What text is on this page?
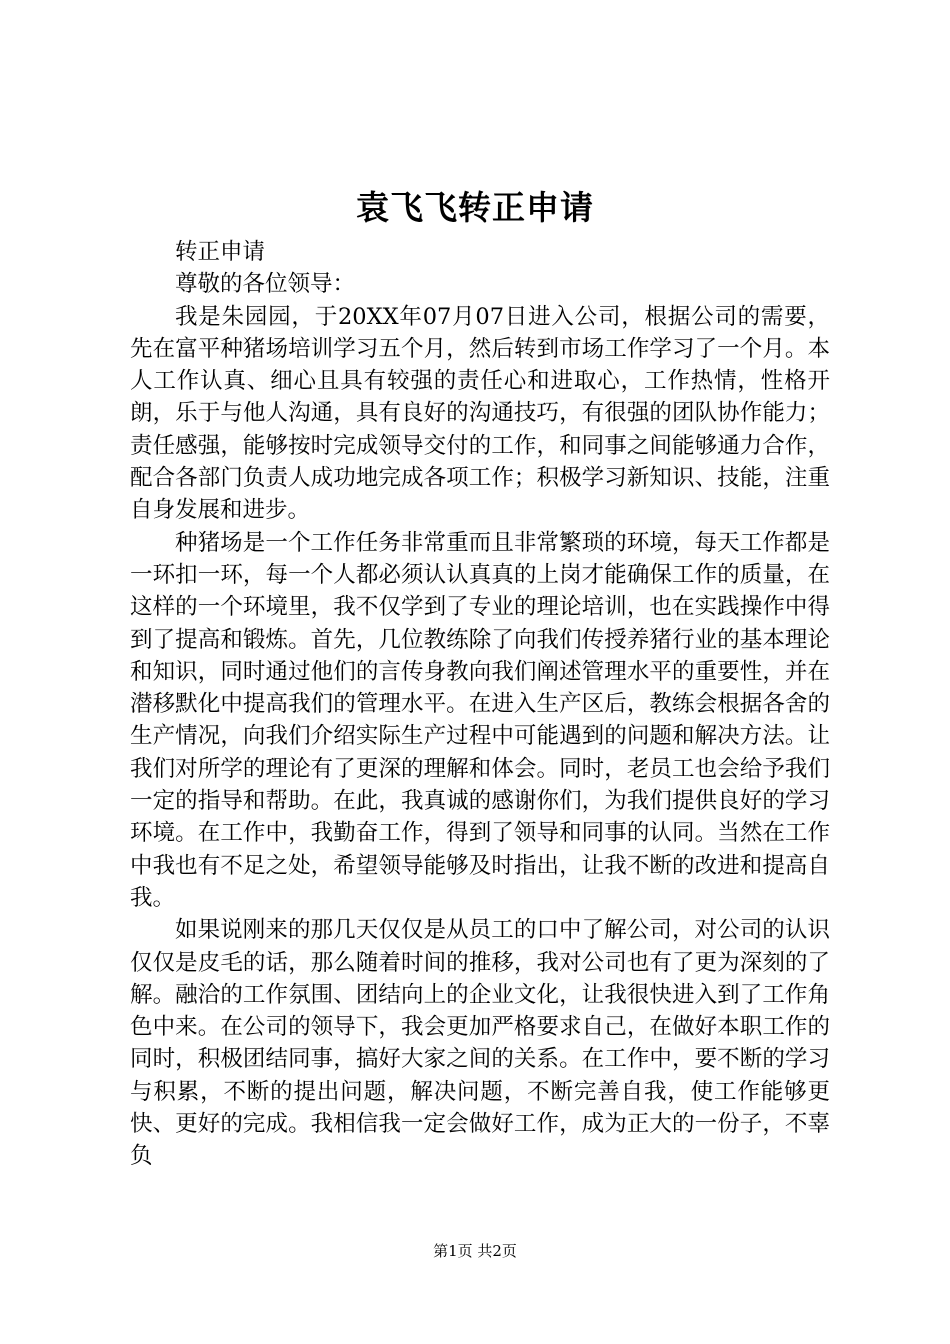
袁飞飞转正申请

转正申请

尊敬的各位领导：

我是朱园园，于20XX年07月07日进入公司，根据公司的需要，先在富平种猪场培训学习五个月，然后转到市场工作学习了一个月。本人工作认真、细心且具有较强的责任心和进取心，工作热情，性格开朗，乐于与他人沟通，具有良好的沟通技巧，有很强的团队协作能力；责任感强，能够按时完成领导交付的工作，和同事之间能够通力合作，配合各部门负责人成功地完成各项工作；积极学习新知识、技能，注重自身发展和进步。

种猪场是一个工作任务非常重而且非常繁琐的环境，每天工作都是一环扣一环，每一个人都必须认认真真的上岗才能确保工作的质量，在这样的一个环境里，我不仅学到了专业的理论培训，也在实践操作中得到了提高和锻炼。首先，几位教练除了向我们传授养猪行业的基本理论和知识，同时通过他们的言传身教向我们阐述管理水平的重要性，并在潜移默化中提高我们的管理水平。在进入生产区后，教练会根据各舍的生产情况，向我们介绍实际生产过程中可能遇到的问题和解决方法。让我们对所学的理论有了更深的理解和体会。同时，老员工也会给予我们一定的指导和帮助。在此，我真诚的感谢你们，为我们提供良好的学习环境。在工作中，我勤奋工作，得到了领导和同事的认同。当然在工作中我也有不足之处，希望领导能够及时指出，让我不断的改进和提高自我。

如果说刚来的那几天仅仅是从员工的口中了解公司，对公司的认识仅仅是皮毛的话，那么随着时间的推移，我对公司也有了更为深刻的了解。融洽的工作氛围、团结向上的企业文化，让我很快进入到了工作角色中来。在公司的领导下，我会更加严格要求自己，在做好本职工作的同时，积极团结同事，搞好大家之间的关系。在工作中，要不断的学习与积累，不断的提出问题，解决问题，不断完善自我，使工作能够更快、更好的完成。我相信我一定会做好工作，成为正大的一份子，不辜负

第1页 共2页
